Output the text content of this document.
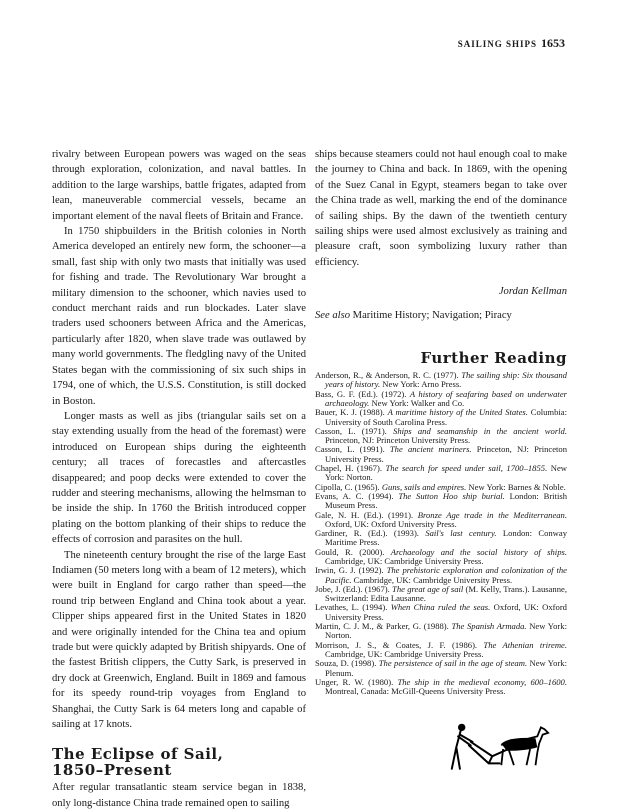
SAILING SHIPS 1653

rivalry between European powers was waged on the seas through exploration, colonization, and naval battles. In addition to the large warships, battle frigates, adapted from lean, maneuverable commercial vessels, became an important element of the naval fleets of Britain and France.

In 1750 shipbuilders in the British colonies in North America developed an entirely new form, the schooner—a small, fast ship with only two masts that initially was used for fishing and trade. The Revolutionary War brought a military dimension to the schooner, which navies used to conduct merchant raids and run blockades. Later slave traders used schooners between Africa and the Americas, particularly after 1820, when slave trade was outlawed by many world governments. The fledgling navy of the United States began with the commissioning of six such ships in 1794, one of which, the U.S.S. Constitution, is still docked in Boston.

Longer masts as well as jibs (triangular sails set on a stay extending usually from the head of the foremast) were introduced on European ships during the eighteenth century; all traces of forecastles and aftercastles disappeared; and poop decks were extended to cover the rudder and steering mechanisms, allowing the helmsman to be inside the ship. In 1760 the British introduced copper plating on the bottom planking of their ships to reduce the effects of corrosion and parasites on the hull.

The nineteenth century brought the rise of the large East Indiamen (50 meters long with a beam of 12 meters), which were built in England for cargo rather than speed—the round trip between England and China took about a year. Clipper ships appeared first in the United States in 1820 and were originally intended for the China tea and opium trade but were quickly adapted by British shipyards. One of the fastest British clippers, the Cutty Sark, is preserved in dry dock at Greenwich, England. Built in 1869 and famous for its speedy round-trip voyages from England to Shanghai, the Cutty Sark is 64 meters long and capable of sailing at 17 knots.

The Eclipse of Sail,
1850–Present

After regular transatlantic steam service began in 1838, only long-distance China trade remained open to sailing

ships because steamers could not haul enough coal to make the journey to China and back. In 1869, with the opening of the Suez Canal in Egypt, steamers began to take over the China trade as well, marking the end of the dominance of sailing ships. By the dawn of the twentieth century sailing ships were used almost exclusively as training and pleasure craft, soon symbolizing luxury rather than efficiency.

Jordan Kellman
See also Maritime History; Navigation; Piracy
Further Reading
Anderson, R., & Anderson, R. C. (1977). The sailing ship: Six thousand years of history. New York: Arno Press.
Bass, G. F. (Ed.). (1972). A history of seafaring based on underwater archaeology. New York: Walker and Co.
Bauer, K. J. (1988). A maritime history of the United States. Columbia: University of South Carolina Press.
Casson, L. (1971). Ships and seamanship in the ancient world. Princeton, NJ: Princeton University Press.
Casson, L. (1991). The ancient mariners. Princeton, NJ: Princeton University Press.
Chapel, H. (1967). The search for speed under sail, 1700–1855. New York: Norton.
Cipolla, C. (1965). Guns, sails and empires. New York: Barnes & Noble.
Evans, A. C. (1994). The Sutton Hoo ship burial. London: British Museum Press.
Gale, N. H. (Ed.). (1991). Bronze Age trade in the Mediterranean. Oxford, UK: Oxford University Press.
Gardiner, R. (Ed.). (1993). Sail's last century. London: Conway Maritime Press.
Gould, R. (2000). Archaeology and the social history of ships. Cambridge, UK: Cambridge University Press.
Irwin, G. J. (1992). The prehistoric exploration and colonization of the Pacific. Cambridge, UK: Cambridge University Press.
Jobe, J. (Ed.). (1967). The great age of sail (M. Kelly, Trans.). Lausanne, Switzerland: Edita Lausanne.
Levathes, L. (1994). When China ruled the seas. Oxford, UK: Oxford University Press.
Martin, C. J. M., & Parker, G. (1988). The Spanish Armada. New York: Norton.
Morrison, J. S., & Coates, J. F. (1986). The Athenian trireme. Cambridge, UK: Cambridge University Press.
Souza, D. (1998). The persistence of sail in the age of steam. New York: Plenum.
Unger, R. W. (1980). The ship in the medieval economy, 600–1600. Montreal, Canada: McGill-Queens University Press.
